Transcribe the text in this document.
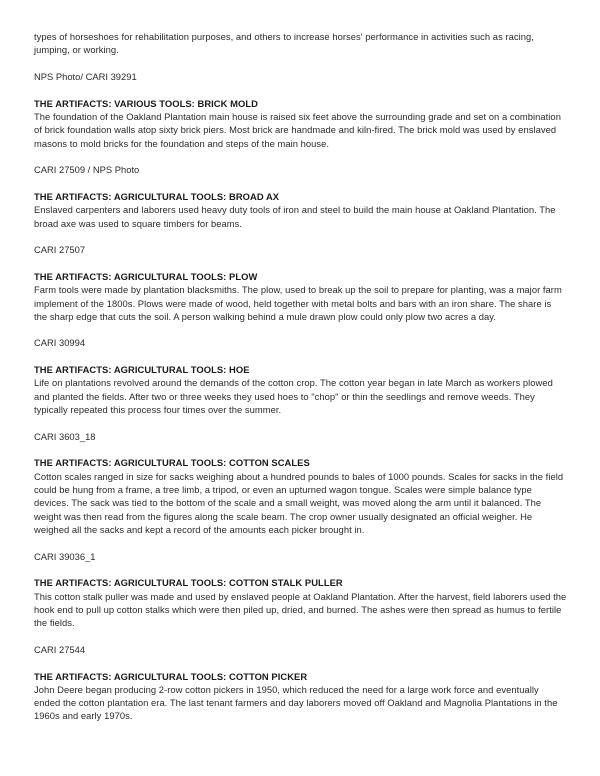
types of horseshoes for rehabilitation purposes, and others to increase horses' performance in activities such as racing, jumping, or working.

NPS Photo/ CARI 39291

THE ARTIFACTS: VARIOUS TOOLS: BRICK MOLD

The foundation of the Oakland Plantation main house is raised six feet above the surrounding grade and set on a combination of brick foundation walls atop sixty brick piers. Most brick are handmade and kiln-fired. The brick mold was used by enslaved masons to mold bricks for the foundation and steps of the main house.

CARI 27509 / NPS Photo

THE ARTIFACTS: AGRICULTURAL TOOLS: BROAD AX

Enslaved carpenters and laborers used heavy duty tools of iron and steel to build the main house at Oakland Plantation. The broad axe was used to square timbers for beams.

CARI 27507

THE ARTIFACTS: AGRICULTURAL TOOLS: PLOW

Farm tools were made by plantation blacksmiths. The plow, used to break up the soil to prepare for planting, was a major farm implement of the 1800s. Plows were made of wood, held together with metal bolts and bars with an iron share. The share is the sharp edge that cuts the soil. A person walking behind a mule drawn plow could only plow two acres a day.

CARI 30994

THE ARTIFACTS: AGRICULTURAL TOOLS: HOE

Life on plantations revolved around the demands of the cotton crop. The cotton year began in late March as workers plowed and planted the fields. After two or three weeks they used hoes to "chop" or thin the seedlings and remove weeds. They typically repeated this process four times over the summer.

CARI 3603_18

THE ARTIFACTS: AGRICULTURAL TOOLS: COTTON SCALES

Cotton scales ranged in size for sacks weighing about a hundred pounds to bales of 1000 pounds. Scales for sacks in the field could be hung from a frame, a tree limb, a tripod, or even an upturned wagon tongue. Scales were simple balance type devices. The sack was tied to the bottom of the scale and a small weight, was moved along the arm until it balanced. The weight was then read from the figures along the scale beam. The crop owner usually designated an official weigher. He weighed all the sacks and kept a record of the amounts each picker brought in.

CARI 39036_1

THE ARTIFACTS: AGRICULTURAL TOOLS: COTTON STALK PULLER

This cotton stalk puller was made and used by enslaved people at Oakland Plantation. After the harvest, field laborers used the hook end to pull up cotton stalks which were then piled up, dried, and burned. The ashes were then spread as humus to fertile the fields.

CARI 27544

THE ARTIFACTS: AGRICULTURAL TOOLS: COTTON PICKER

John Deere began producing 2-row cotton pickers in 1950, which reduced the need for a large work force and eventually ended the cotton plantation era. The last tenant farmers and day laborers moved off Oakland and Magnolia Plantations in the 1960s and early 1970s.
